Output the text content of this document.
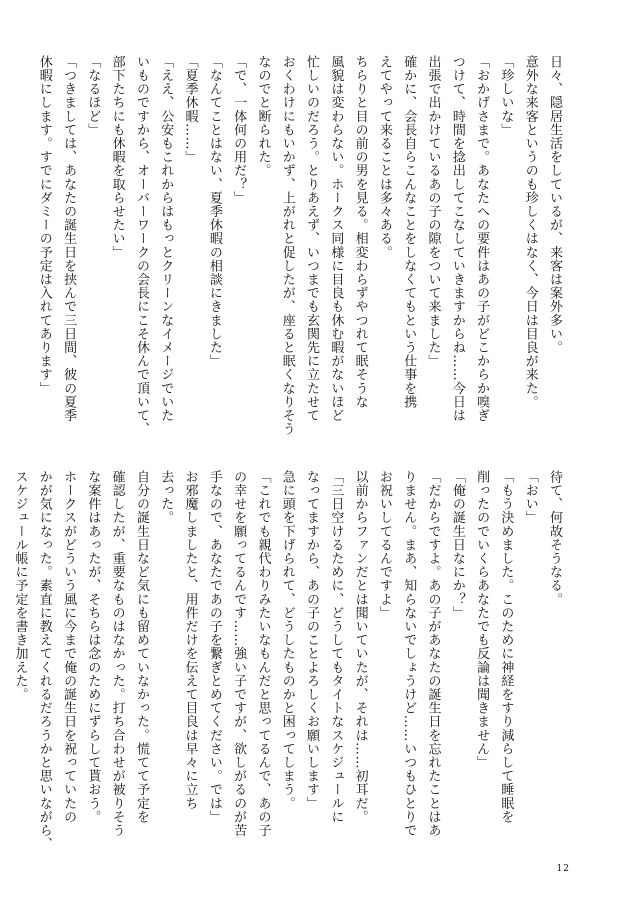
日々、隠居生活をしているが、来客は案外多い。
意外な来客というのも珍しくはなく、今日は目良が来た。
「珍しいな」
「おかげさまで。あなたへの要件はあの子がどこからか嗅ぎ
つけて、時間を捻出してこなしていきますからね……今日は
出張で出かけているあの子の隙をついて来ました」
確かに、会長自らこんなことをしなくてもという仕事を携
えてやって来ることは多々ある。
ちらりと目の前の男を見る。相変わらずやつれて眠そうな
風貌は変わらない。ホークス同様に目良も休む暇がないほど
忙しいのだろう。とりあえず、いつまでも玄関先に立たせて
おくわけにもいかず、上がれと促したが、座ると眠くなりそう
なのでと断られた。
「で、一体何の用だ？」
「なんてことはない、夏季休暇の相談にきました」
「夏季休暇……」
「ええ、公安もこれからはもっとクリーンなイメージでいた
いものですから、オーバーワークの会長にこそ休んで頂いて、
部下たちにも休暇を取らせたい」
「なるほど」
「つきましては、あなたの誕生日を挟んで三日間、彼の夏季
休暇にします。すでにダミーの予定は入れてあります」
待て、何故そうなる。
「おい」
「もう決めました。このために神経をすり減らして睡眠を
削ったのでいくらあなたでも反論は聞きません」
「俺の誕生日なにか？」
「だからですよ。あの子があなたの誕生日を忘れたことはあ
りません。まあ、知らないでしょうけど……いつもひとりで
お祝いしてるんですよ」
以前からファンだとは聞いていたが、それは……初耳だ。
「三日空けるために、どうしてもタイトなスケジュールに
なってますから、あの子のことよろしくお願いします」
急に頭を下げられて、どうしたものかと困ってしまう。
「これでも親代わりみたいなもんだと思ってるんで、あの子
の幸せを願ってるんです……強い子ですが、欲しがるのが苦
手なので、あなたであの子を繋ぎとめてください。では」
お邪魔しましたと、用件だけを伝えて目良は早々に立ち
去った。
自分の誕生日など気にも留めていなかった。慌てて予定を
確認したが、重要なものはなかった。打ち合わせが被りそう
な案件はあったが、そちらは念のためにずらして貰おう。
ホークスがどういう風に今まで俺の誕生日を祝っていたの
かが気になった。素直に教えてくれるだろうかと思いながら、
スケジュール帳に予定を書き加えた。
12
